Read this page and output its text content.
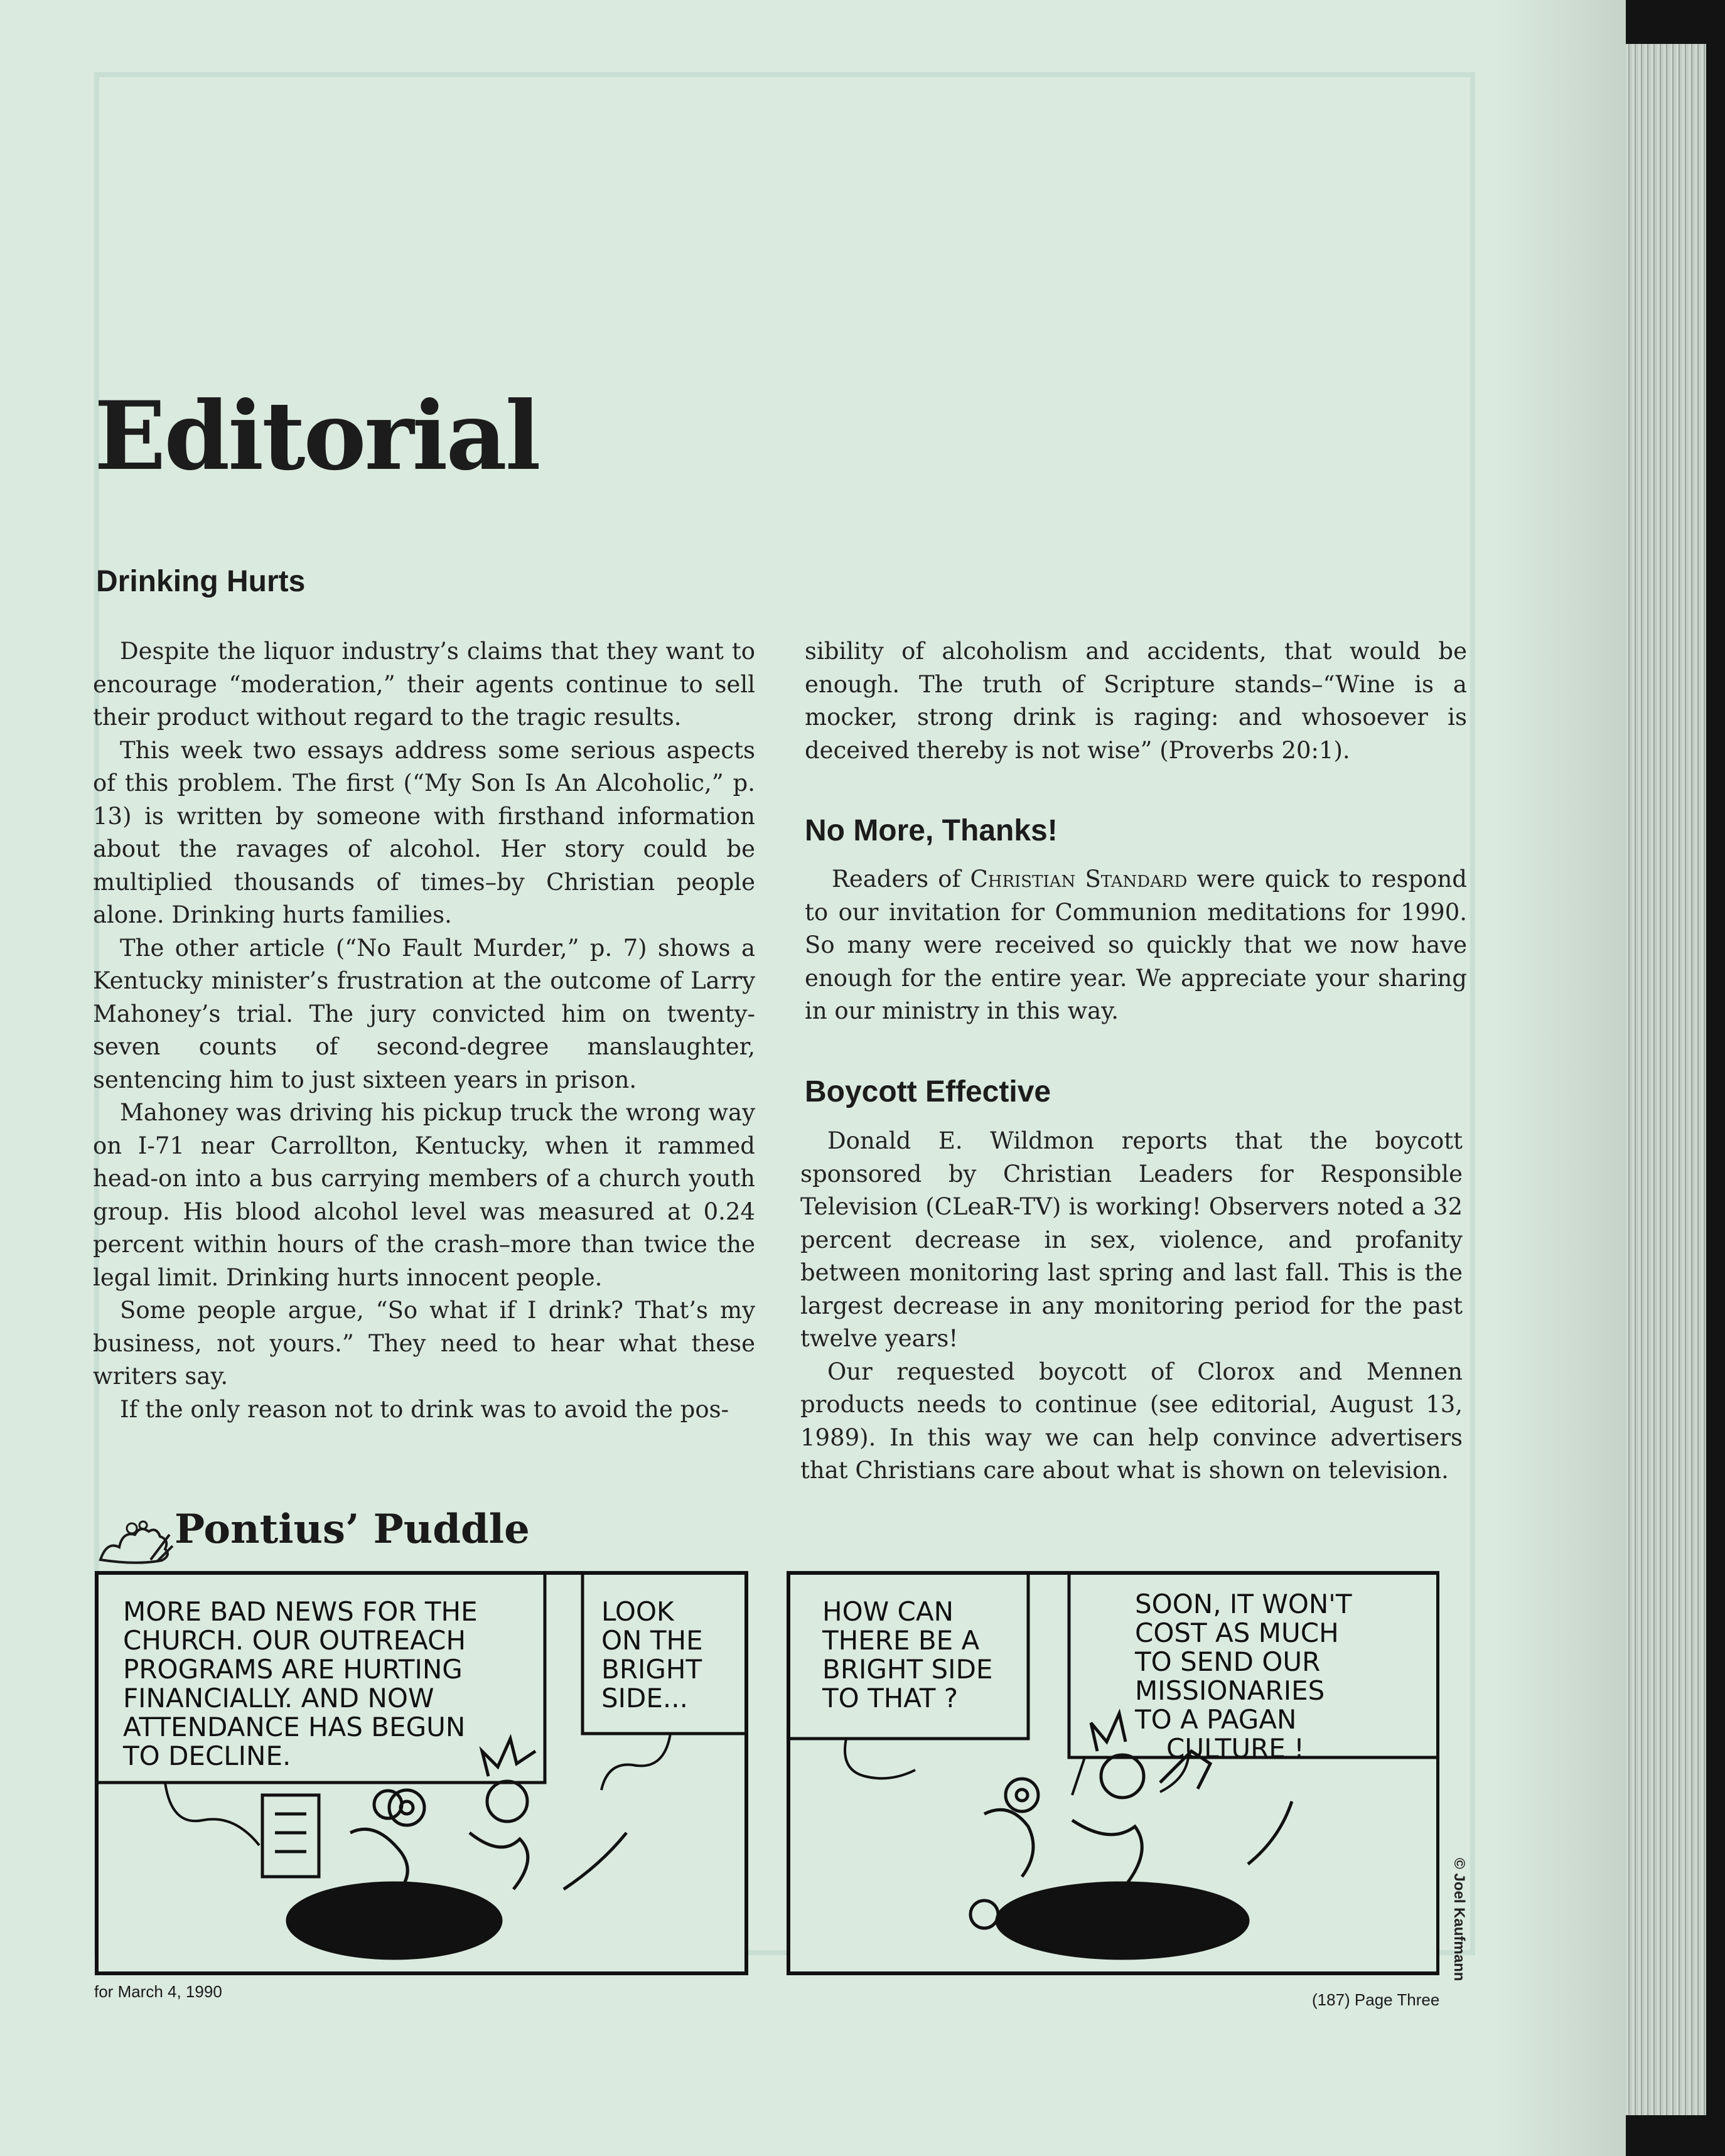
Editorial
Drinking Hurts

Despite the liquor industry’s claims that they want to encourage “moderation,” their agents continue to sell their product without regard to the tragic results.

This week two essays address some serious aspects of this problem. The first (“My Son Is An Alcoholic,” p. 13) is written by someone with firsthand information about the ravages of alcohol. Her story could be multiplied thousands of times–by Christian people alone. Drinking hurts families.

The other article (“No Fault Murder,” p. 7) shows a Kentucky minister’s frustration at the outcome of Larry Mahoney’s trial. The jury convicted him on twenty-seven counts of second-degree manslaughter, sentencing him to just sixteen years in prison.

Mahoney was driving his pickup truck the wrong way on I-71 near Carrollton, Kentucky, when it rammed head-on into a bus carrying members of a church youth group. His blood alcohol level was measured at 0.24 percent within hours of the crash–more than twice the legal limit. Drinking hurts innocent people.

Some people argue, “So what if I drink? That’s my business, not yours.” They need to hear what these writers say.

If the only reason not to drink was to avoid the pos-

sibility of alcoholism and accidents, that would be enough. The truth of Scripture stands–“Wine is a mocker, strong drink is raging: and whosoever is deceived thereby is not wise” (Proverbs 20:1).

No More, Thanks!

Readers of Christian Standard were quick to respond to our invitation for Communion meditations for 1990. So many were received so quickly that we now have enough for the entire year. We appreciate your sharing in our ministry in this way.

Boycott Effective

Donald E. Wildmon reports that the boycott sponsored by Christian Leaders for Responsible Television (CLeaR-TV) is working! Observers noted a 32 percent decrease in sex, violence, and profanity between monitoring last spring and last fall. This is the largest decrease in any monitoring period for the past twelve years!

Our requested boycott of Clorox and Mennen products needs to continue (see editorial, August 13, 1989). In this way we can help convince advertisers that Christians care about what is shown on television.

Pontius’ Puddle
MORE BAD NEWS FOR THE
CHURCH. OUR OUTREACH
PROGRAMS ARE HURTING
FINANCIALLY. AND NOW
ATTENDANCE HAS BEGUN
TO DECLINE.
LOOK
ON THE
BRIGHT
SIDE...
HOW CAN
THERE BE A
BRIGHT SIDE
TO THAT ?
SOON, IT WON'T
COST AS MUCH
TO SEND OUR
MISSIONARIES
TO A PAGAN
CULTURE !
© Joel Kaufmann

for March 4, 1990	(187) Page Three
